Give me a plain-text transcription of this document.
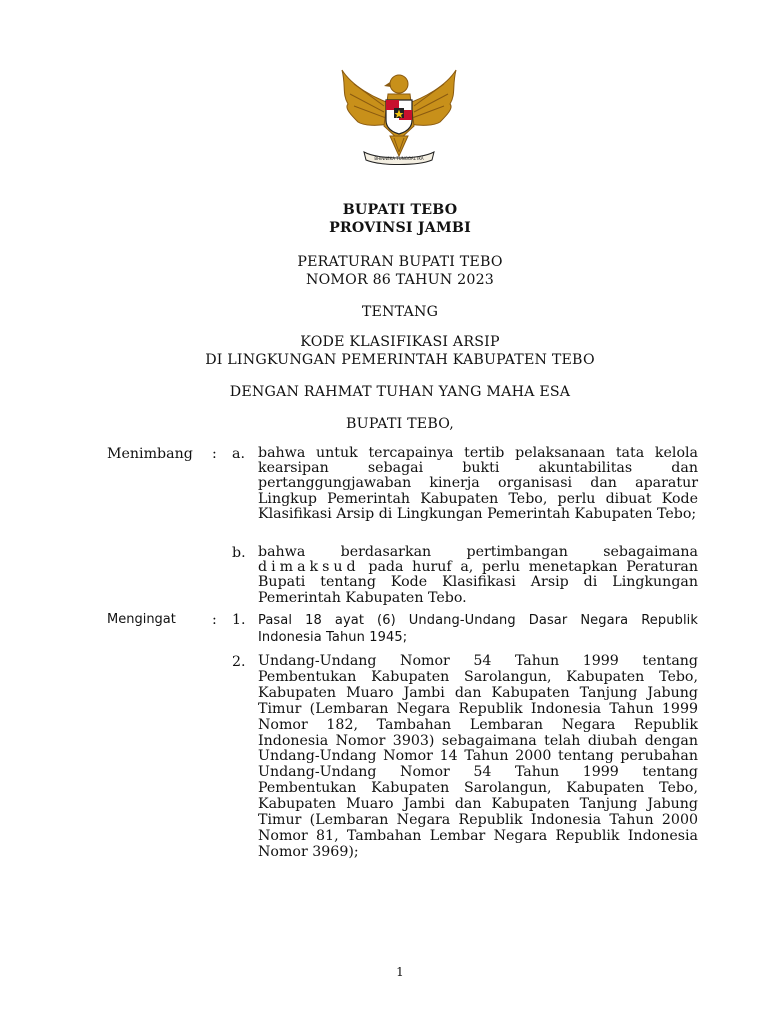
BHINNEKA TUNGGAL IKA
BUPATI TEBO
PROVINSI JAMBI
PERATURAN BUPATI TEBO
NOMOR 86 TAHUN 2023
TENTANG
KODE KLASIFIKASI ARSIP
DI LINGKUNGAN PEMERINTAH KABUPATEN TEBO
DENGAN RAHMAT TUHAN YANG MAHA ESA
BUPATI TEBO,
Menimbang : a. bahwa untuk tercapainya tertib pelaksanaan tata kelola kearsipan sebagai bukti akuntabilitas dan pertanggungjawaban kinerja organisasi dan aparatur Lingkup Pemerintah Kabupaten Tebo, perlu dibuat Kode Klasifikasi Arsip di Lingkungan Pemerintah Kabupaten Tebo;
b. bahwa berdasarkan pertimbangan sebagaimana dimaksud pada huruf a, perlu menetapkan Peraturan Bupati tentang Kode Klasifikasi Arsip di Lingkungan Pemerintah Kabupaten Tebo.
Mengingat	: 1. Pasal 18 ayat (6) Undang-Undang Dasar Negara Republik Indonesia Tahun 1945;
2. Undang-Undang Nomor 54 Tahun 1999 tentang Pembentukan Kabupaten Sarolangun, Kabupaten Tebo, Kabupaten Muaro Jambi dan Kabupaten Tanjung Jabung Timur (Lembaran Negara Republik Indonesia Tahun 1999 Nomor 182, Tambahan Lembaran Negara Republik Indonesia Nomor 3903) sebagaimana telah diubah dengan Undang-Undang Nomor 14 Tahun 2000 tentang perubahan Undang-Undang Nomor 54 Tahun 1999 tentang Pembentukan Kabupaten Sarolangun, Kabupaten Tebo, Kabupaten Muaro Jambi dan Kabupaten Tanjung Jabung Timur (Lembaran Negara Republik Indonesia Tahun 2000 Nomor 81, Tambahan Lembar Negara Republik Indonesia Nomor 3969);
1
